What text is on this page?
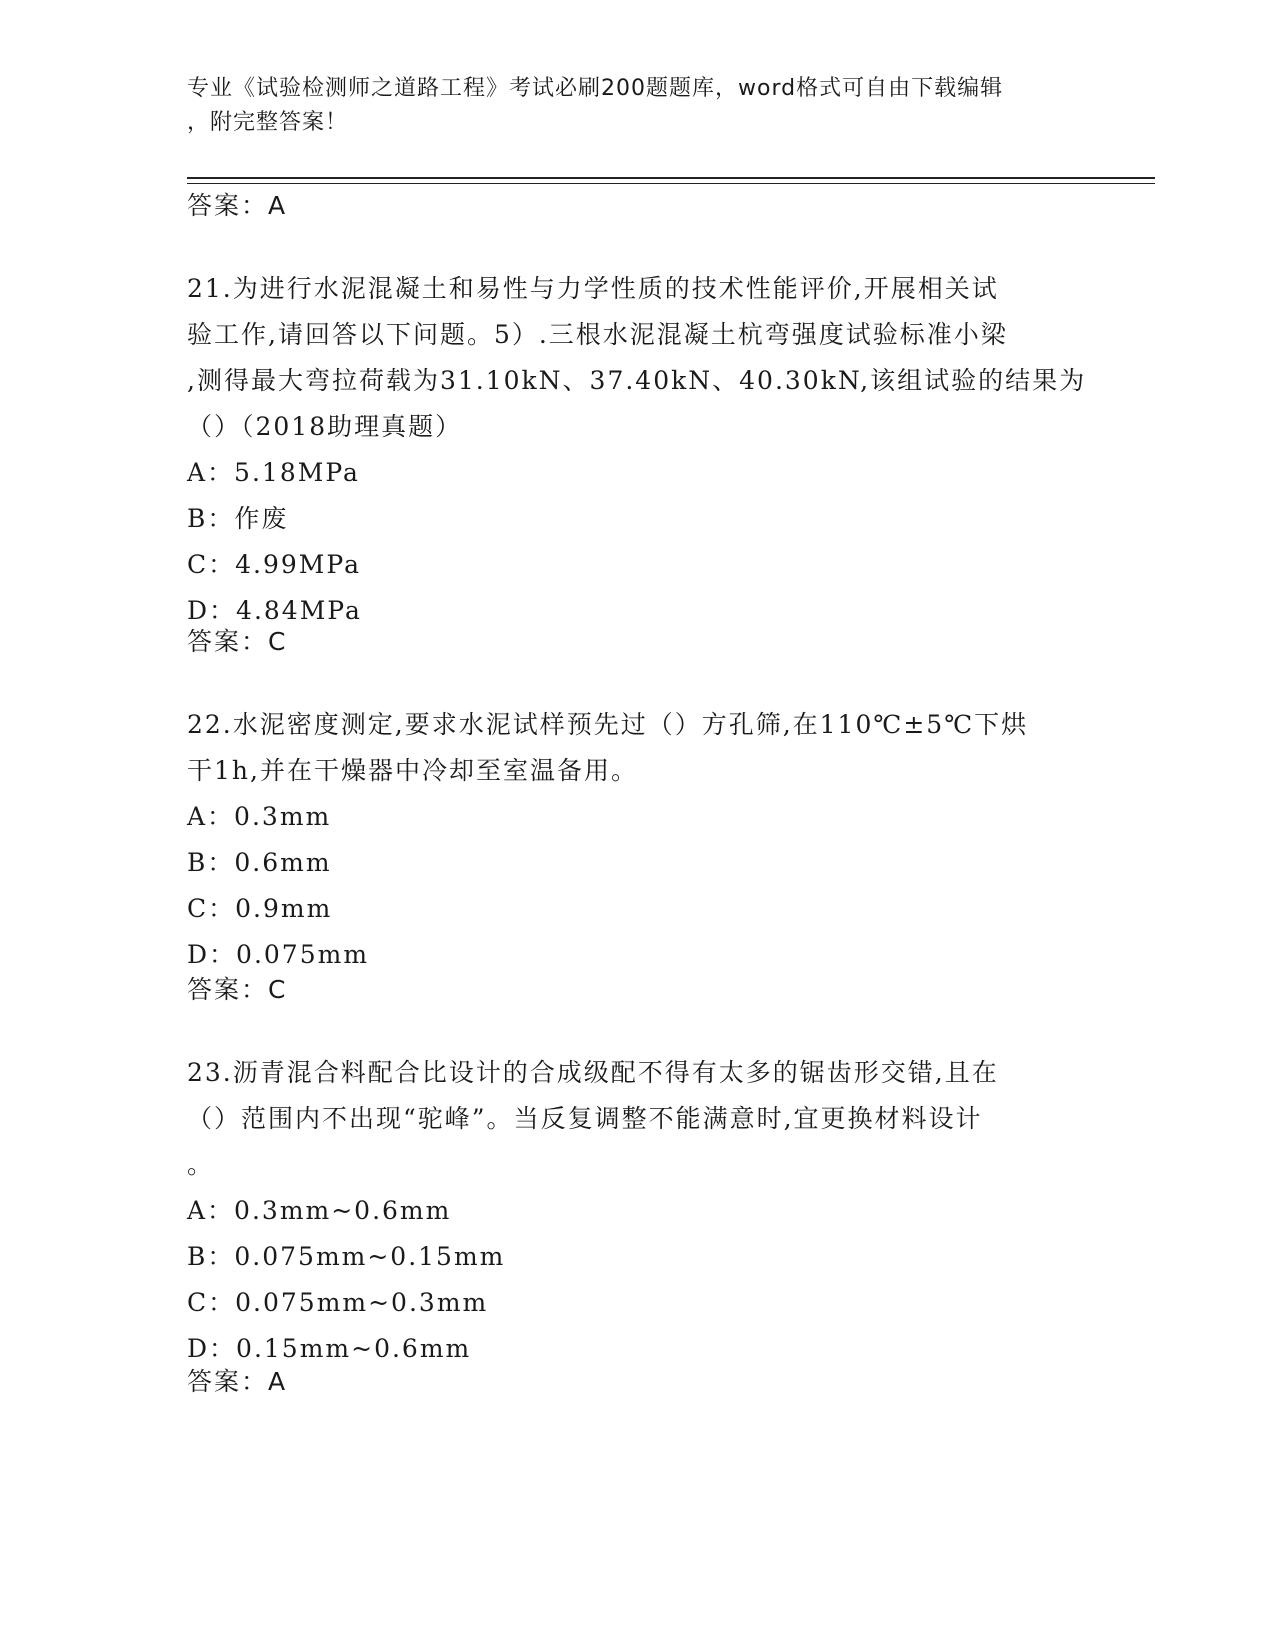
专业《试验检测师之道路工程》考试必刷200题题库，word格式可自由下载编辑
，附完整答案！
答案：A
21.为进行水泥混凝土和易性与力学性质的技术性能评价,开展相关试
验工作,请回答以下问题。5）.三根水泥混凝土杭弯强度试验标准小梁
,测得最大弯拉荷载为31.10kN、37.40kN、40.30kN,该组试验的结果为
（）（2018助理真题）
A：5.18MPa
B：作废
C：4.99MPa
D：4.84MPa
答案：C
22.水泥密度测定,要求水泥试样预先过（）方孔筛,在110℃±5℃下烘
干1h,并在干燥器中冷却至室温备用。
A：0.3mm
B：0.6mm
C：0.9mm
D：0.075mm
答案：C
23.沥青混合料配合比设计的合成级配不得有太多的锯齿形交错,且在
（）范围内不出现“驼峰”。当反复调整不能满意时,宜更换材料设计
。
A：0.3mm~0.6mm
B：0.075mm~0.15mm
C：0.075mm~0.3mm
D：0.15mm~0.6mm
答案：A
